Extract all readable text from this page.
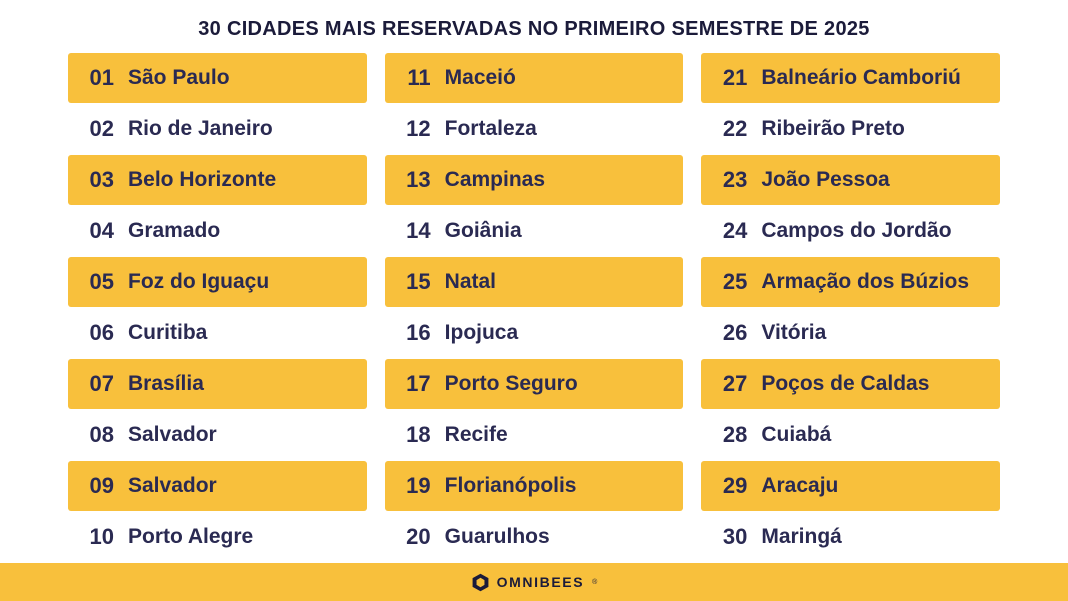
30 CIDADES MAIS RESERVADAS NO PRIMEIRO SEMESTRE DE 2025
01 São Paulo
02 Rio de Janeiro
03 Belo Horizonte
04 Gramado
05 Foz do Iguaçu
06 Curitiba
07 Brasília
08 Salvador
09 Salvador
10 Porto Alegre
11 Maceió
12 Fortaleza
13 Campinas
14 Goiânia
15 Natal
16 Ipojuca
17 Porto Seguro
18 Recife
19 Florianópolis
20 Guarulhos
21 Balneário Camboriú
22 Ribeirão Preto
23 João Pessoa
24 Campos do Jordão
25 Armação dos Búzios
26 Vitória
27 Poços de Caldas
28 Cuiabá
29 Aracaju
30 Maringá
OMNIBEES ®
